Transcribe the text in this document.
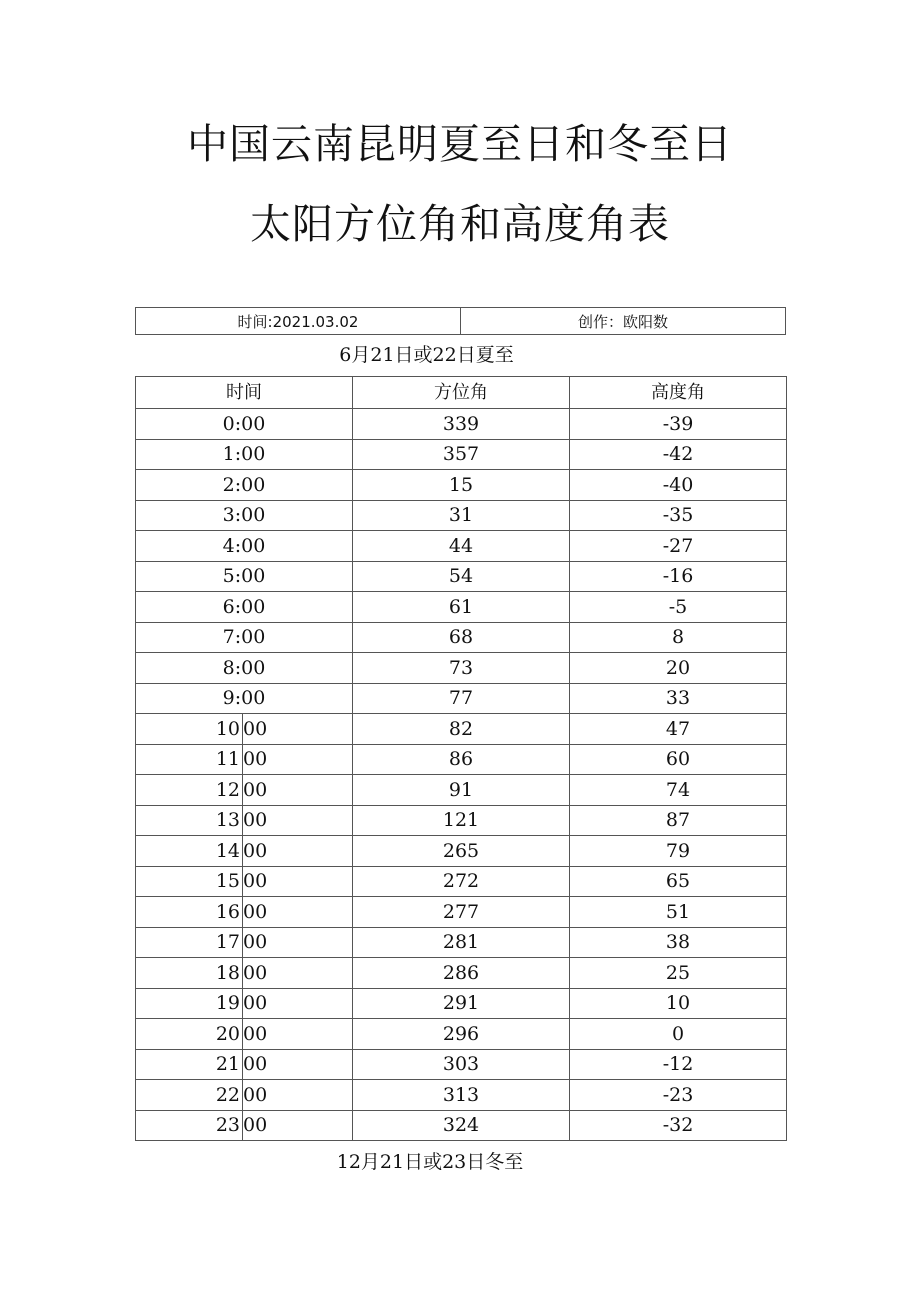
中国云南昆明夏至日和冬至日
太阳方位角和高度角表
时间:2021.03.02	创作：欧阳数
6月21日或22日夏至
时间	方位角	高度角
0:00	339	-39
1:00	357	-42
2:00	15	-40
3:00	31	-35
4:00	44	-27
5:00	54	-16
6:00	61	-5
7:00	68	8
8:00	73	20
9:00	77	33

10 00	82	47

11 00	86	60

12 00	91	74

13 00	121	87

14 00	265	79

15 00	272	65

16 00	277	51

17 00	281	38

18 00	286	25

19 00	291	10

20 00	296	0

21 00	303	-12

22 00	313	-23

23 00	324	-32
12月21日或23日冬至
